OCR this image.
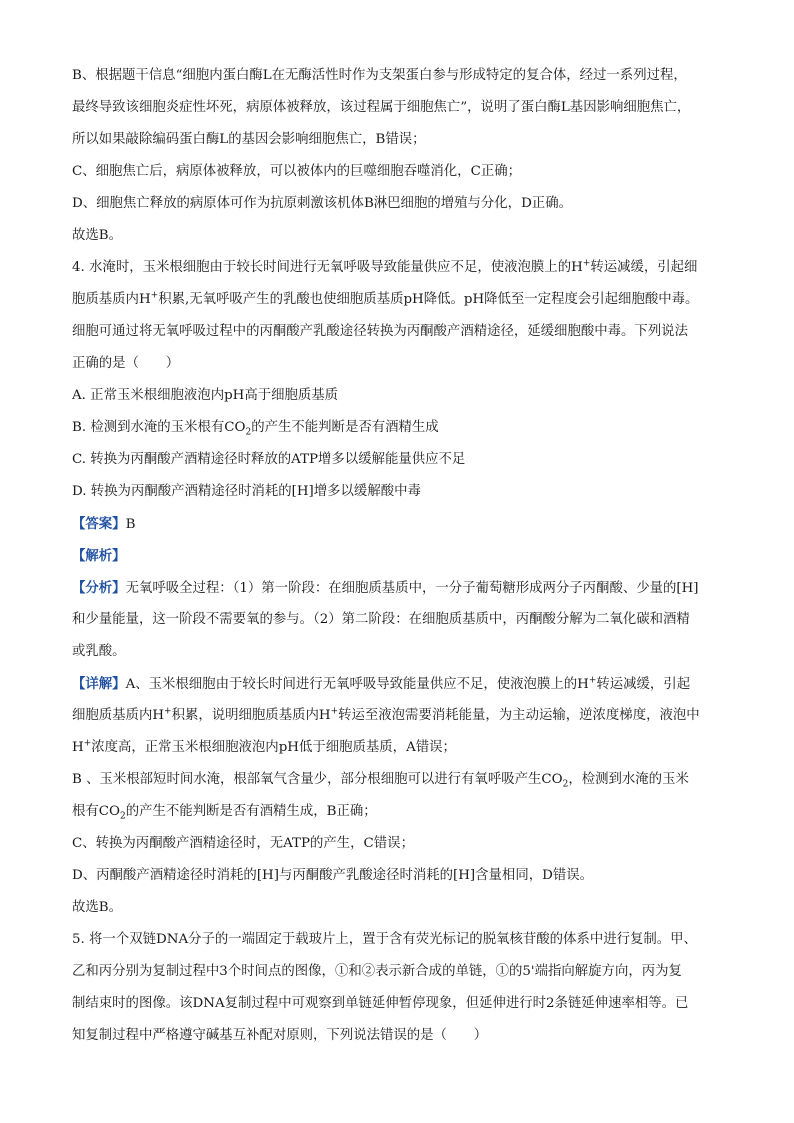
B、根据题干信息“细胞内蛋白酶L在无酶活性时作为支架蛋白参与形成特定的复合体，经过一系列过程，
最终导致该细胞炎症性坏死，病原体被释放，该过程属于细胞焦亡”，说明了蛋白酶L基因影响细胞焦亡，
所以如果敲除编码蛋白酶L的基因会影响细胞焦亡，B错误；
C、细胞焦亡后，病原体被释放，可以被体内的巨噬细胞吞噬消化，C正确；
D、细胞焦亡释放的病原体可作为抗原刺激该机体B淋巴细胞的增殖与分化，D正确。
故选B。
4. 水淹时，玉米根细胞由于较长时间进行无氧呼吸导致能量供应不足，使液泡膜上的H+转运减缓，引起细
胞质基质内H+积累,无氧呼吸产生的乳酸也使细胞质基质pH降低。pH降低至一定程度会引起细胞酸中毒。
细胞可通过将无氧呼吸过程中的丙酮酸产乳酸途径转换为丙酮酸产酒精途径，延缓细胞酸中毒。下列说法
正确的是（　　）
A. 正常玉米根细胞液泡内pH高于细胞质基质
B. 检测到水淹的玉米根有$CO_2$的产生不能判断是否有酒精生成
C. 转换为丙酮酸产酒精途径时释放的ATP增多以缓解能量供应不足
D. 转换为丙酮酸产酒精途径时消耗的[H]增多以缓解酸中毒
【答案】B
【解析】
【分析】无氧呼吸全过程：（1）第一阶段：在细胞质基质中，一分子葡萄糖形成两分子丙酮酸、少量的[H]
和少量能量，这一阶段不需要氧的参与。（2）第二阶段：在细胞质基质中，丙酮酸分解为二氧化碳和酒精
或乳酸。
【详解】A、玉米根细胞由于较长时间进行无氧呼吸导致能量供应不足，使液泡膜上的H+转运减缓，引起
细胞质基质内H+积累，说明细胞质基质内H+转运至液泡需要消耗能量，为主动运输，逆浓度梯度，液泡中
H+浓度高，正常玉米根细胞液泡内pH低于细胞质基质，A错误；
B 、玉米根部短时间水淹，根部氧气含量少，部分根细胞可以进行有氧呼吸产生$CO_2$，检测到水淹的玉米
根有$CO_2$的产生不能判断是否有酒精生成，B正确；
C、转换为丙酮酸产酒精途径时，无ATP的产生，C错误；
D、丙酮酸产酒精途径时消耗的[H]与丙酮酸产乳酸途径时消耗的[H]含量相同，D错误。
故选B。
5. 将一个双链DNA分子的一端固定于载玻片上，置于含有荧光标记的脱氧核苷酸的体系中进行复制。甲、
乙和丙分别为复制过程中3个时间点的图像，①和②表示新合成的单链，①的5'端指向解旋方向，丙为复
制结束时的图像。该DNA复制过程中可观察到单链延伸暂停现象，但延伸进行时2条链延伸速率相等。已
知复制过程中严格遵守碱基互补配对原则，下列说法错误的是（　　）
